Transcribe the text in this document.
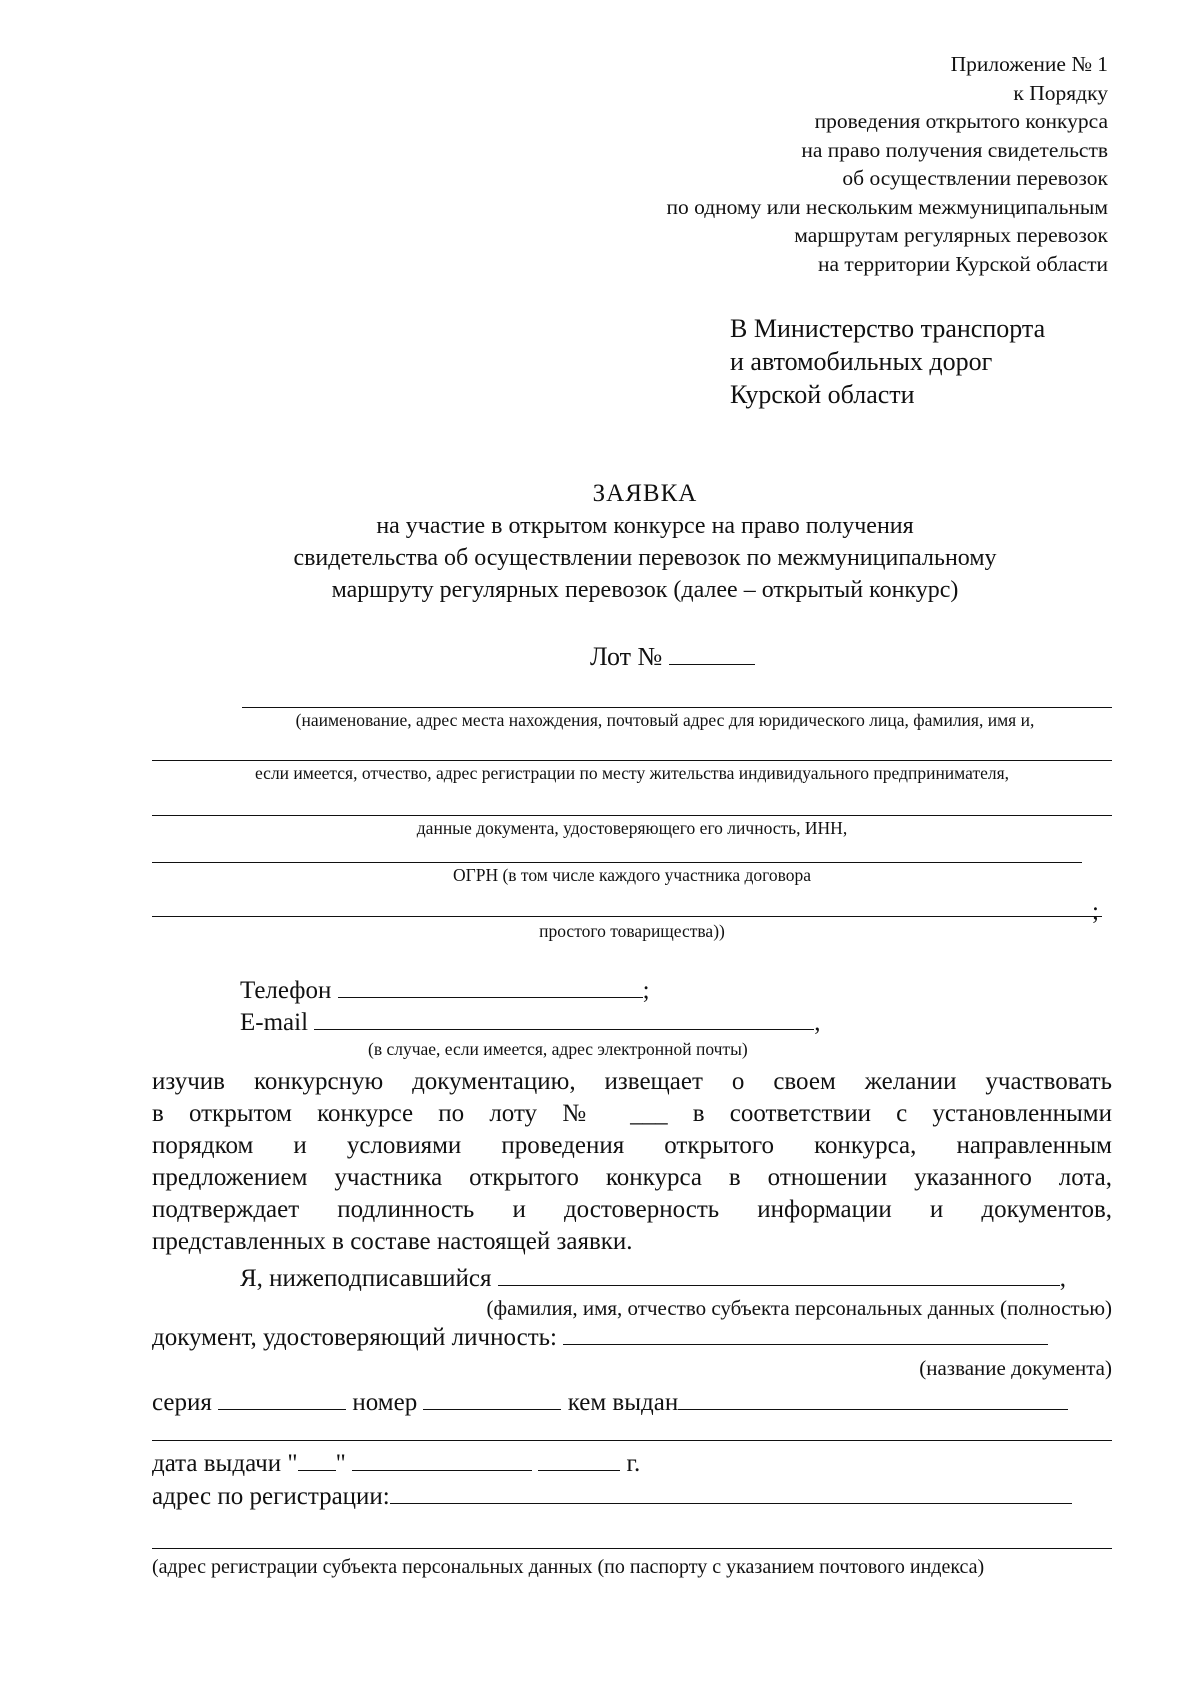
Приложение № 1
к Порядку
проведения открытого конкурса
на право получения свидетельств
об осуществлении перевозок
по одному или нескольким межмуниципальным
маршрутам регулярных перевозок
на территории Курской области
В Министерство транспорта
и автомобильных дорог
Курской области
ЗАЯВКА
на участие в открытом конкурсе на право получения
свидетельства об осуществлении перевозок по межмуниципальному
маршруту регулярных перевозок (далее – открытый конкурс)
Лот №
(наименование, адрес места нахождения, почтовый адрес для юридического лица, фамилия, имя и,
если имеется, отчество, адрес регистрации по месту жительства индивидуального предпринимателя,
данные документа, удостоверяющего его личность, ИНН,
ОГРН (в том числе каждого участника договора
;
простого товарищества))
Телефон	;
E-mail	,
(в случае, если имеется, адрес электронной почты)
изучив конкурсную документацию, извещает о своем желании участвовать
в открытом конкурсе по лоту № ___ в соответствии с установленными
порядком и условиями проведения открытого конкурса, направленным
предложением участника открытого конкурса в отношении указанного лота,
подтверждает подлинность и достоверность информации и документов,
представленных в составе настоящей заявки.
Я, нижеподписавшийся	,
(фамилия, имя, отчество субъекта персональных данных (полностью)
документ, удостоверяющий личность:
(название документа)
серия	номер	кем выдан
дата выдачи " "	г.
адрес по регистрации:
(адрес регистрации субъекта персональных данных (по паспорту с указанием почтового индекса)
